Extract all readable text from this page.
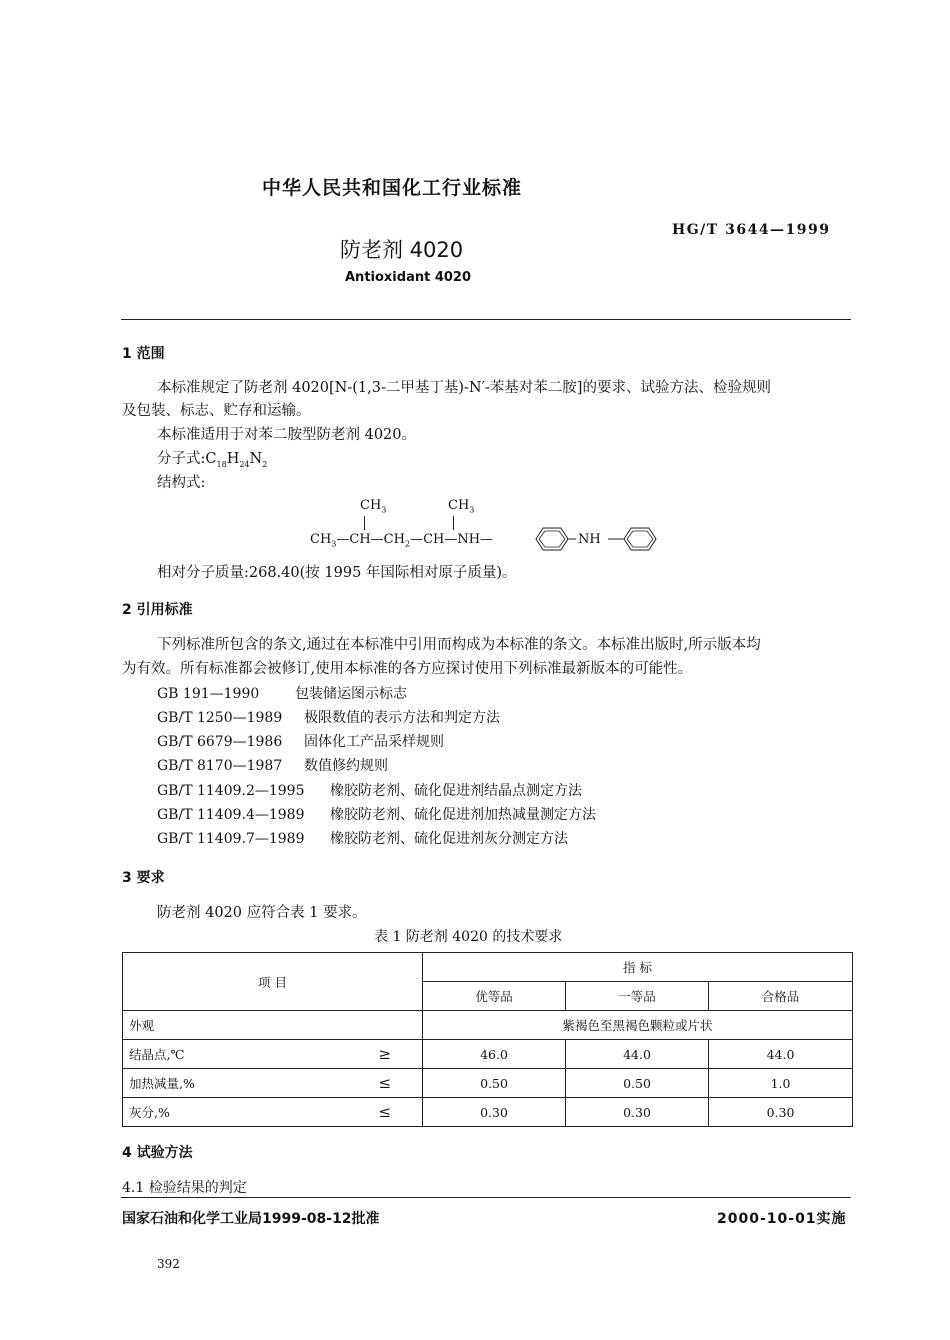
中华人民共和国化工行业标准
HG/T 3644—1999
防老剂 4020
Antioxidant 4020
1 范围
本标准规定了防老剂 4020[N-(1,3-二甲基丁基)-N′-苯基对苯二胺]的要求、试验方法、检验规则
及包装、标志、贮存和运输。
本标准适用于对苯二胺型防老剂 4020。
分子式$:C_{18}H_{24}N_2$
结构式:
$CH_3$	$CH_3$
$CH_3—CH—CH_2—CH—NH—$	NH
相对分子质量:268.40(按 1995 年国际相对原子质量)。
2 引用标准
下列标准所包含的条文,通过在本标准中引用而构成为本标准的条文。本标准出版时,所示版本均
为有效。所有标准都会被修订,使用本标准的各方应探讨使用下列标准最新版本的可能性。
GB 191—1990	包装储运图示标志
GB/T 1250—1989 极限数值的表示方法和判定方法
GB/T 6679—1986 固体化工产品采样规则
GB/T 8170—1987 数值修约规则
GB/T 11409.2—1995 橡胶防老剂、硫化促进剂结晶点测定方法
GB/T 11409.4—1989 橡胶防老剂、硫化促进剂加热减量测定方法
GB/T 11409.7—1989 橡胶防老剂、硫化促进剂灰分测定方法
3 要求
防老剂 4020 应符合表 1 要求。
表 1 防老剂 4020 的技术要求
项 目		指 标		
		优等品	一等品	合格品
外观		紫褐色至黑褐色颗粒或片状		
结晶点,℃	≥	46.0	44.0	44.0
加热减量,%	≤	0.50	0.50	1.0
灰分,%	≤	0.30	0.30	0.30
4 试验方法
4.1 检验结果的判定
国家石油和化学工业局1999-08-12批准	2000-10-01实施
392
